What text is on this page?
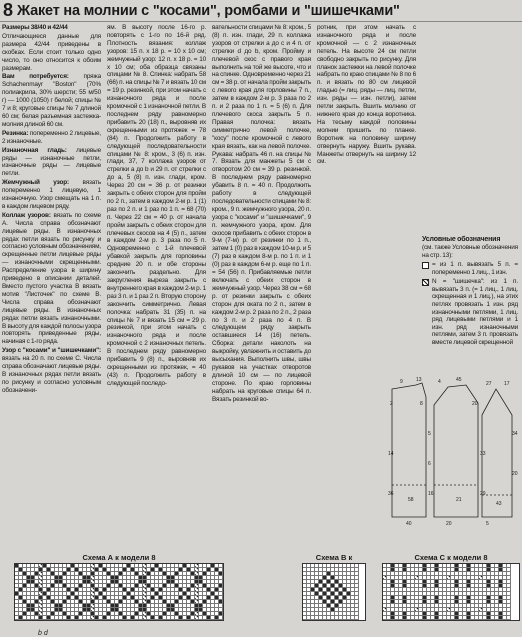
8 Жакет на молнии с "косами", ромбами и "шишечками"

Размеры 38/40 и 42/44

Отличающиеся данные для размера 42/44 приведены в скобках. Если стоит только одно число, то оно относится к обоим размерам.

Вам потребуется: пряжа Schachenmayr "Boston" (70% полиакрила, 30% шерсти; 55 м/50 г) — 1000 (1050) г белой; спицы № 7 и 8; круговые спицы № 7 длиной 60 см; белая разъемная застежка-молния длиной 60 см.

Резинка: попеременно 2 лицевые, 2 изнаночные.

Изнаночная гладь: лицевые ряды — изнаночные петли, изнаночные ряды — лицевые петли.

Жемчужный узор: вязать попеременно 1 лицевую, 1 изнаночную. Узор смещать на 1 п. в каждом лицевом ряду.

Коллаж узоров: вязать по схеме А. Числа справа обозначают лицевые ряды. В изнаночных рядах петли вязать по рисунку и согласно условным обозначениям, скрещенные петли лицевые ряды — изнаночными скрещенными. Распределение узора в ширину приведено в описании деталей. Вместо пустого участка В вязать мотив "Листочек" по схеме В. Числа справа обозначают лицевые ряды. В изнаночных рядах петли вязать изнаночными. В высоту для каждой полосы узора повторять приведенные ряды, начиная с 1-го ряда.

Узор с "косами" и "шишечками": вязать на 20 п. по схеме С. Числа справа обозначают лицевые ряды. В изнаночных рядах петли вязать по рисунку и согласно условным обозначени-

ям. В высоту после 16-го р. повторять с 1-го по 16-й ряд. Плотность вязания: коллаж узоров: 15 п. x 18 р. = 10 x 10 см; жемчужный узор: 12 п. x 18 р. = 10 x 10 см; оба образца связаны спицами № 8. Спинка: набрать 58 (66) п. на спицы № 7 и вязать 10 см = 19 р. резинкой, при этом начать с изнаночного ряда и после кромочной с 1 изнаночной петли. В последнем ряду равномерно прибавить 20 (18) п., выровняв их скрещенными из протяжек = 78 (84) п. Продолжить работу в следующей последовательности спицами № 8: кром., 3 (6) п. изн. глади, 37, 7 коллажа узоров от стрелки а до b и 29 п. от стрелки с до а, 5 (8) п. изн. глади, кром. Через 20 см = 36 р. от резинки закрыть с обеих сторон для пройм по 2 п., затем в каждом 2-м р. 1 (1) раз по 2 п. и 1 раз по 1 п. = 68 (70) п. Через 22 см = 40 р. от начала пройм закрыть с обеих сторон для плечевых скосов на 4 (5) п., затем в каждом 2-м р. 3 раза по 5 п. Одновременно с 1-й плечевой убавкой закрыть для горловины средние 20 п. и обе стороны закончить раздельно. Для закругления выреза закрыть с внутреннего края в каждом 2-м р. 1 раз 3 п. и 1 раз 2 п. Вторую сторону закончить симметрично. Левая полочка: набрать 31 (35) п. на спицы № 7 и вязать 15 см = 29 р. резинкой, при этом начать с изнаночного ряда и после кромочной с 2 изнаночных петель. В последнем ряду равномерно прибавить 9 (8) п., выровняв их скрещенными из протяжек, = 40 (43) п. Продолжить работу в следующей последо-

вательности спицами № 8: кром., 5 (8) п. изн. глади, 29 п. коллажа узоров от стрелки а до с и 4 п. от стрелки d до b, кром. Пройму и плечевой скос с правого края выполнить на той же высоте, что и на спинке. Одновременно через 21 см = 38 р. от начала пройм закрыть с левого края для горловины 7 п., затем в каждом 2-м р. 3 раза по 2 п. и 2 раза по 1 п. = 5 (6) п. Для плечевого скоса закрыть 5 п. Правая полочка: вязать симметрично левой полочке, "косу" после кромочной с левого края вязать, как на левой полочке. Рукава: набрать 46 п. на спицы № 7. Вязать для манжеты 5 см с отворотом 20 см = 39 р. резинкой. В последнем ряду равномерно убавить 8 п. = 40 п. Продолжить работу в следующей последовательности спицами № 8: кром., 9 п. жемчужного узора, 20 п. узора с "косами" и "шишечками", 9 п. жемчужного узора, кром. Для скосов прибавить с обеих сторон в 9-м (7-м) р. от резинки по 1 п., затем 1 (0) раз в каждом 10-м р. и 5 (7) раз в каждом 8-м р. по 1 п. и 1 (0) раз в каждом 6-м р. еще по 1 п. = 54 (56) п. Прибавляемые петли включать с обеих сторон в жемчужный узор. Через 38 см = 68 р. от резинки закрыть с обеих сторон для оката по 2 п., затем в каждом 2-м р. 2 раза по 2 п., 2 раза по 3 п. и 2 раза по 4 п. В следующем ряду закрыть оставшиеся 14 (16) петель. Сборка: детали наколоть на выкройку, увлажнить и оставить до высыхания. Выполнить швы, швы рукавов на участках отворотов длиной 10 см — по лицевой стороне. По краю горловины набрать на круговые спицы 64 п. Вязать резинкой во-

ротник, при этом начать с изнаночного ряда и после кромочной — с 2 изнаночных петель. На высоте 24 см петли свободно закрыть по рисунку. Для планок застежки на левой полочке набрать по краю спицами № 8 по 6 п. и вязать по 80 см лицевой гладью (= лиц. ряды — лиц. петли, изн. ряды — изн. петли), затем петли закрыть. Вшить молнию от нижнего края до конца воротника. На тесьму каждой половины молнии пришить по планке. Воротник на половину ширину отвернуть наружу. Вшить рукава. Манжеты отвернуть на ширину 12 см.

Условные обозначения
(см. также Условные обозначения на стр. 13):
= из 1 п. вывязать 5 п. = попеременно 1 лиц., 1 изн.
N = "шишечка": из 1 п. вывязать 3 п. (= 1 лиц., 1 лиц. скрещенная и 1 лиц.), на этих петлях провязать 1 изн. ряд изнаночными петлями, 1 лиц. ряд лицевыми петлями и 1 изн. ряд изнаночными петлями, затем 3 п. провязать вместе лицевой скрещенной
9	13	4	45
27 17
2
5
14
6
40	20	5
58	21
43
36	16
33
34
29
20
8	20
Схема А к модели 8	Схема В к	Схема С к модели 8
b d
